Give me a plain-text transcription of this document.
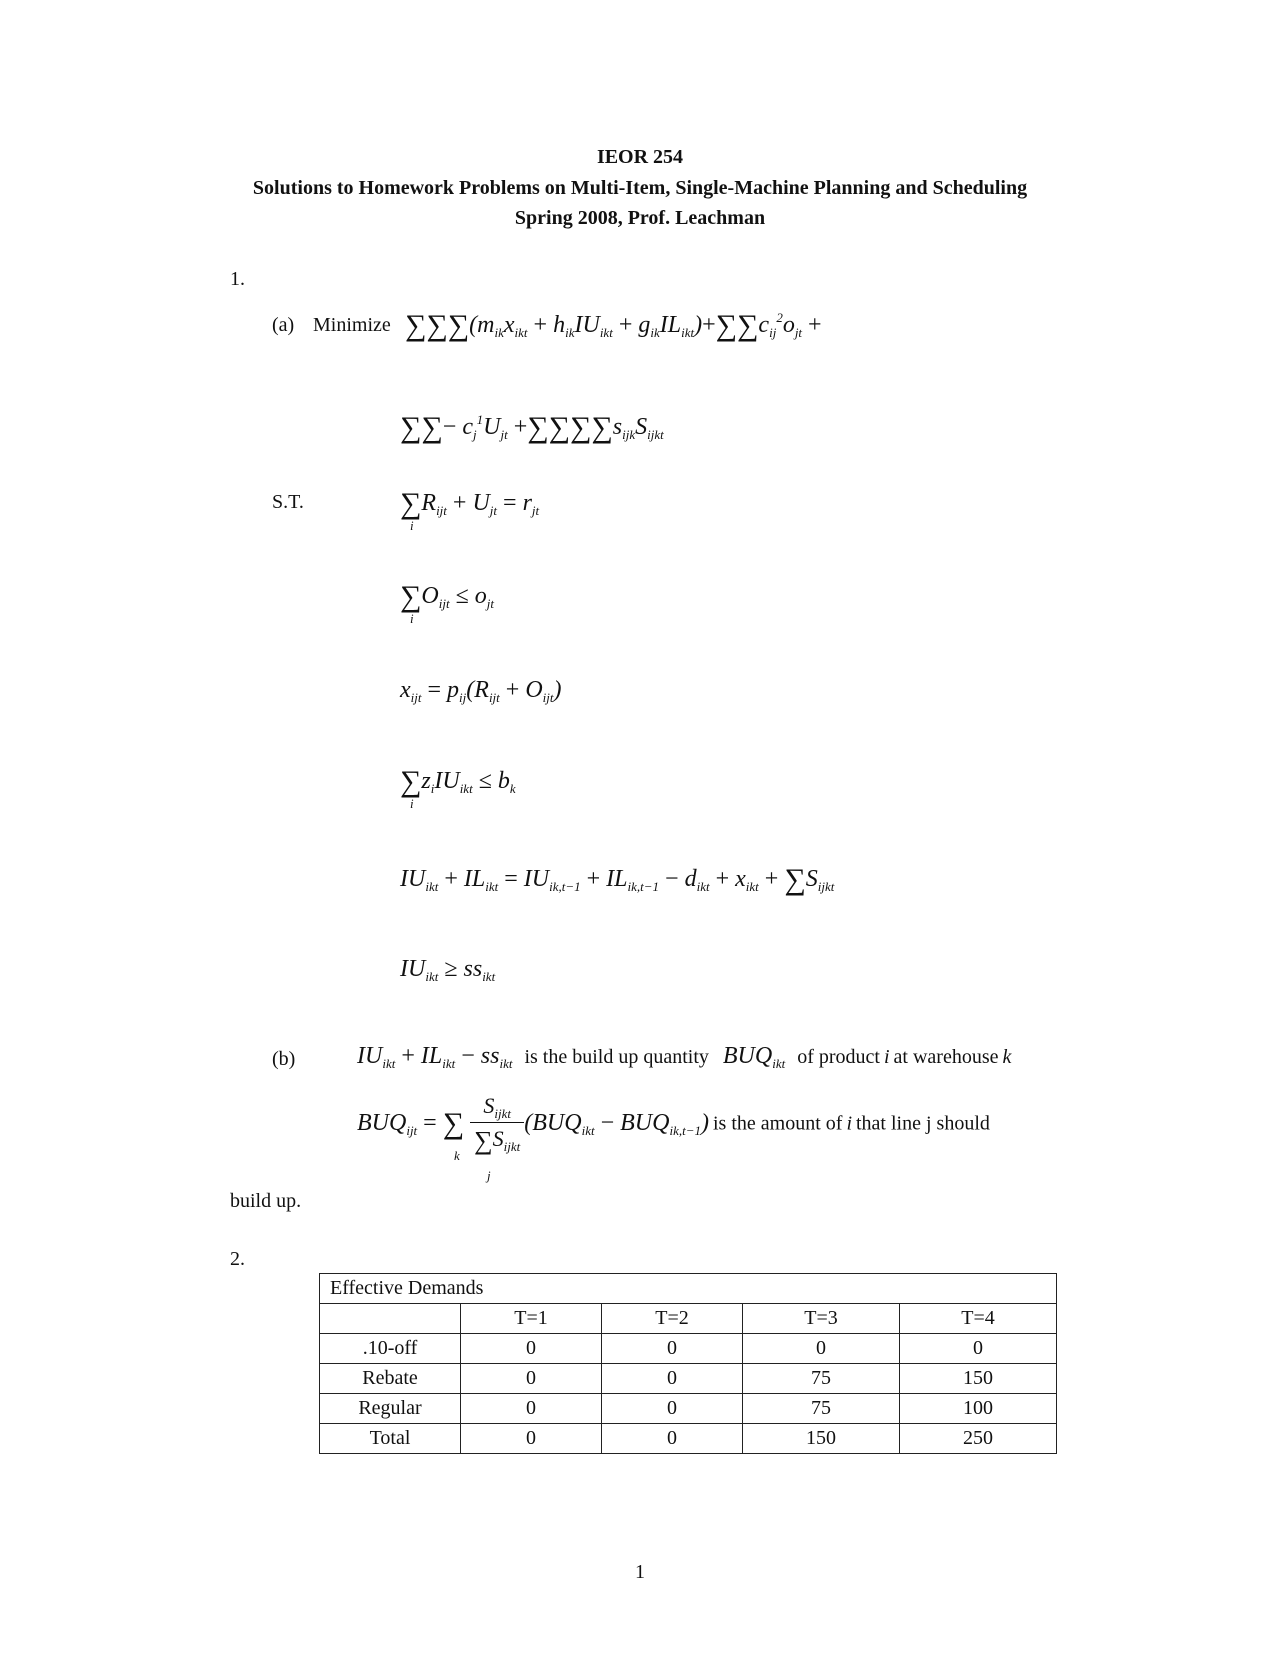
IEOR 254
Solutions to Homework Problems on Multi-Item, Single-Machine Planning and Scheduling
Spring 2008, Prof. Leachman
1.
(a) Minimize $\sum\sum\sum(m_{ik}x_{ikt} + h_{ik}IU_{ikt} + g_{ik}IL_{ikt})+\sum\sum c_{ij}^2o_{jt}$ +
∑∑− $c_j^1U_{jt} +\sum\sum\sum\sum s_{ijk}S_{ijkt}$
S.T.	$\sum R_{ijt} + U_{jt} = r_{jt}$
i
$\sum O_{ijt} \le o_{jt}$
i
$x_{ijt} = p_{ij}(R_{ijt} + O_{ijt})$
$\sum z_iIU_{ikt} \le b_k$
i
$IU_{ikt} + IL_{ikt} = IU_{ik,t-1} + IL_{ik,t-1} - d_{ikt} + x_{ikt} + \sum S_{ijkt}$
$IU_{ikt} \ge ss_{ikt}$
(b)	$IU_{ikt} + IL_{ikt} - ss_{ikt}$ is the build up quantity $BUQ_{ikt}$ of product i at warehouse k
$BUQ_{ijt}$ = ∑ $\frac{S_{ijkt}}{\sum S_{ijkt}} (BUQ_{ikt} - BUQ_{ik,t-1})$ is the amount of i that line j should
k
j
build up.
2.
Effective Demands				
	T=1	T=2	T=3	T=4
.10-off	0	0	0	0
Rebate	0	0	75	150
Regular	0	0	75	100
Total	0	0	150	250
1
